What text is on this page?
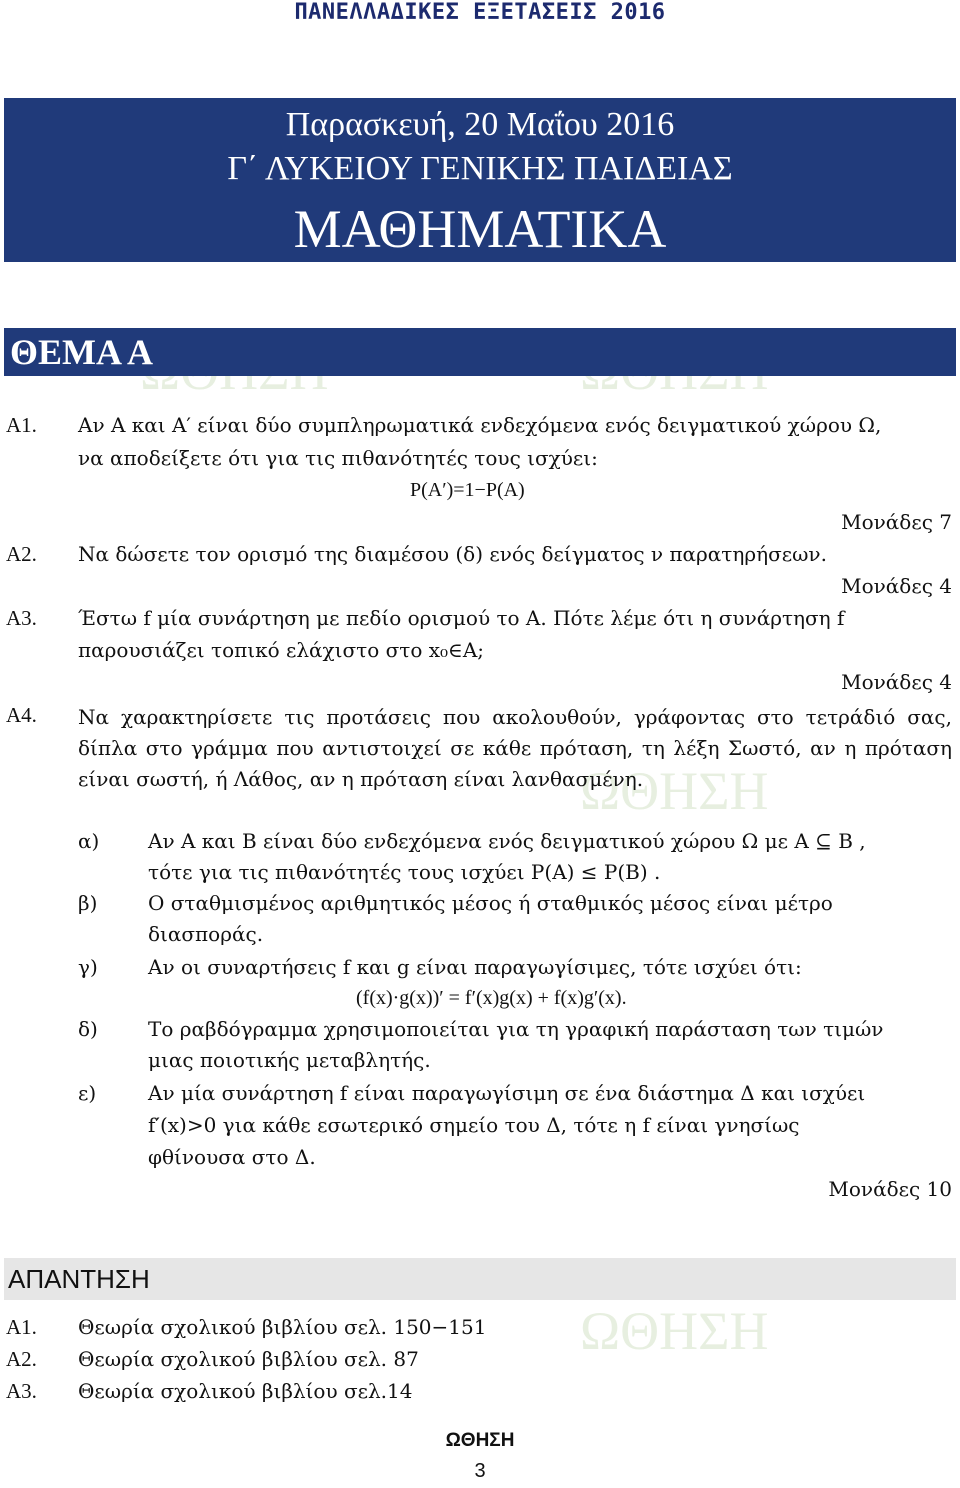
ΩΘΗΣΗ
ΩΘΗΣΗ
ΠΑΝΕΛΛΑΔΙΚΕΣ ΕΞΕΤΑΣΕΙΣ 2016
Παρασκευή, 20 Μαΐου 2016
Γ΄ ΛΥΚΕΙΟΥ ΓΕΝΙΚΗΣ ΠΑΙΔΕΙΑΣ
ΜΑΘΗΜΑΤΙΚΑ
ΘΕΜΑ Α
Α1. Αν Α και Α′ είναι δύο συμπληρωματικά ενδεχόμενα ενός δειγματικού χώρου Ω,
να αποδείξετε ότι για τις πιθανότητές τους ισχύει:
P(A′)=1−P(A)
Μονάδες 7
Α2. Να δώσετε τον ορισμό της διαμέσου (δ) ενός δείγματος ν παρατηρήσεων.
Μονάδες 4
Α3. Έστω f μία συνάρτηση με πεδίο ορισμού το Α. Πότε λέμε ότι η συνάρτηση f
παρουσιάζει τοπικό ελάχιστο στο x₀∈A;
Μονάδες 4
Α4. Να χαρακτηρίσετε τις προτάσεις που ακολουθούν, γράφοντας στο τετράδιό σας, δίπλα στο γράμμα που αντιστοιχεί σε κάθε πρόταση, τη λέξη Σωστό, αν η πρόταση είναι σωστή, ή Λάθος, αν η πρόταση είναι λανθασμένη.
α) Αν Α και Β είναι δύο ενδεχόμενα ενός δειγματικού χώρου Ω με A ⊆ B ,
τότε για τις πιθανότητές τους ισχύει P(A) ≤ P(B) .
β)	Ο σταθμισμένος αριθμητικός μέσος ή σταθμικός μέσος είναι μέτρο
διασποράς.
γ)	Αν οι συναρτήσεις f και g είναι παραγωγίσιμες, τότε ισχύει ότι:
(f(x)·g(x))′ = f′(x)g(x) + f(x)g′(x).
δ)	Το ραβδόγραμμα χρησιμοποιείται για τη γραφική παράσταση των τιμών
μιας ποιοτικής μεταβλητής.
ε)	Αν μία συνάρτηση f είναι παραγωγίσιμη σε ένα διάστημα Δ και ισχύει
f′(x)>0 για κάθε εσωτερικό σημείο του Δ, τότε η f είναι γνησίως
φθίνουσα στο Δ.
Μονάδες 10
ΑΠΑΝΤΗΣΗ
Α1. Θεωρία σχολικού βιβλίου σελ. 150−151
Α2. Θεωρία σχολικού βιβλίου σελ. 87
Α3. Θεωρία σχολικού βιβλίου σελ.14
ΩΘΗΣΗ
3
